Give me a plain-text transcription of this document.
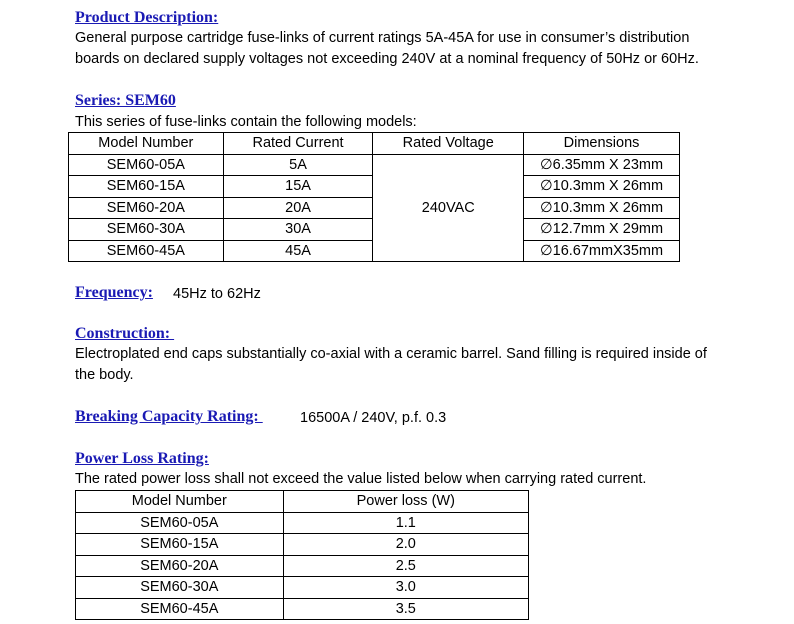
Product Description:
General purpose cartridge fuse-links of current ratings 5A-45A for use in consumer’s distribution
boards on declared supply voltages not exceeding 240V at a nominal frequency of 50Hz or 60Hz.
Series: SEM60
This series of fuse-links contain the following models:
Model Number	Rated Current	Rated Voltage	Dimensions
SEM60-05A	5A	240VAC	∅6.35mm X 23mm
SEM60-15A	15A		∅10.3mm X 26mm
SEM60-20A	20A		∅10.3mm X 26mm
SEM60-30A	30A		∅12.7mm X 29mm
SEM60-45A	45A		∅16.67mmX35mm
Frequency: 45Hz to 62Hz
Construction:
Electroplated end caps substantially co-axial with a ceramic barrel. Sand filling is required inside of
the body.
Breaking Capacity Rating:	16500A / 240V, p.f. 0.3
Power Loss Rating:
The rated power loss shall not exceed the value listed below when carrying rated current.
Model Number	Power loss (W)
SEM60-05A	1.1
SEM60-15A	2.0
SEM60-20A	2.5
SEM60-30A	3.0
SEM60-45A	3.5
